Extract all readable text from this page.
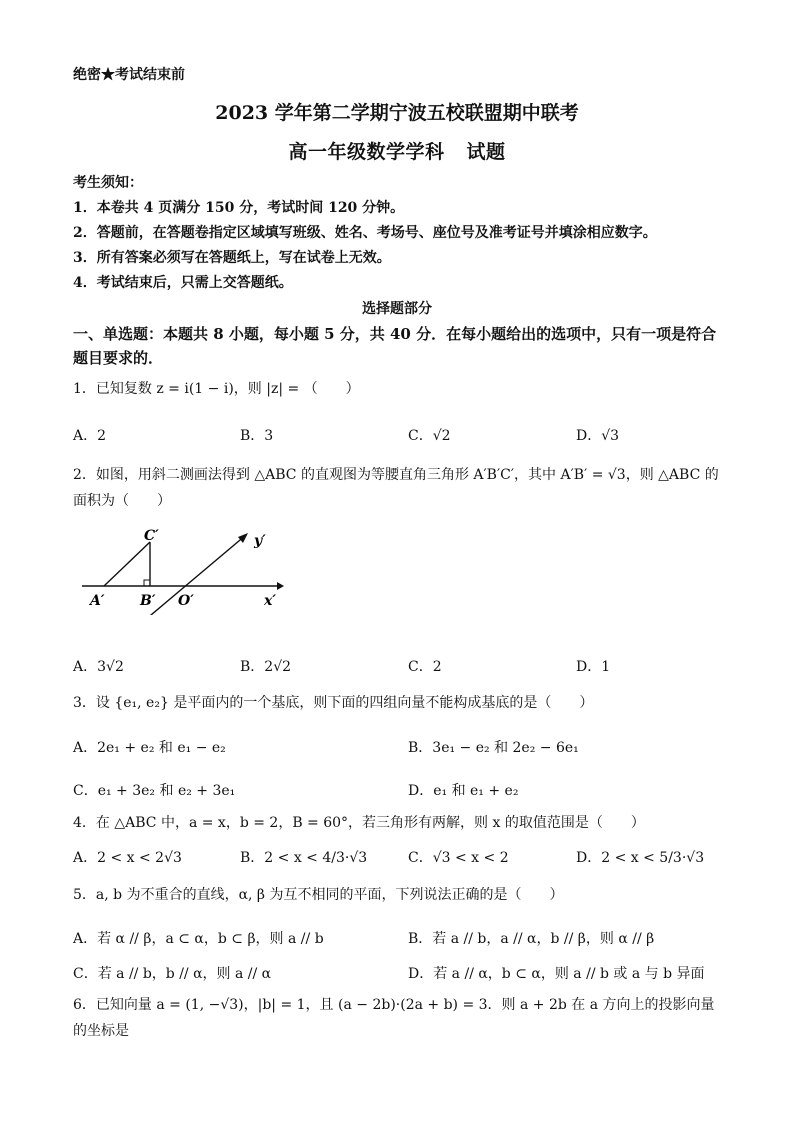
绝密★考试结束前
2023 学年第二学期宁波五校联盟期中联考
高一年级数学学科 试题
考生须知：
1．本卷共 4 页满分 150 分，考试时间 120 分钟。
2．答题前，在答题卷指定区域填写班级、姓名、考场号、座位号及准考证号并填涂相应数字。
3．所有答案必须写在答题纸上，写在试卷上无效。
4．考试结束后，只需上交答题纸。
选择题部分
一、单选题：本题共 8 小题，每小题 5 分，共 40 分．在每小题给出的选项中，只有一项是符合题目要求的．
1．已知复数 z = i(1 − i)，则 |z| = （　　）
A．2	B．3	C．√2	D．√3
2．如图，用斜二测画法得到 △ABC 的直观图为等腰直角三角形 A′B′C′，其中 A′B′ = √3，则 △ABC 的面积为（　　）
C′
A′	B′ O′	x′
y′
A．3√2	B．2√2	C．2	D．1
3．设 {e₁, e₂} 是平面内的一个基底，则下面的四组向量不能构成基底的是（　　）
A．2e₁ + e₂ 和 e₁ − e₂	B．3e₁ − e₂ 和 2e₂ − 6e₁
C．e₁ + 3e₂ 和 e₂ + 3e₁	D．e₁ 和 e₁ + e₂
4．在 △ABC 中，a = x，b = 2，B = 60°，若三角形有两解，则 x 的取值范围是（　　）
A．2 < x < 2√3	B．2 < x < 4/3·√3	C．√3 < x < 2	D．2 < x < 5/3·√3
5．a, b 为不重合的直线，α, β 为互不相同的平面，下列说法正确的是（　　）
A．若 α // β，a ⊂ α，b ⊂ β，则 a // b	B．若 a // b，a // α，b // β，则 α // β
C．若 a // b，b // α，则 a // α	D．若 a // α，b ⊂ α，则 a // b 或 a 与 b 异面
6．已知向量 a = (1, −√3)，|b| = 1，且 (a − 2b)·(2a + b) = 3．则 a + 2b 在 a 方向上的投影向量的坐标是
